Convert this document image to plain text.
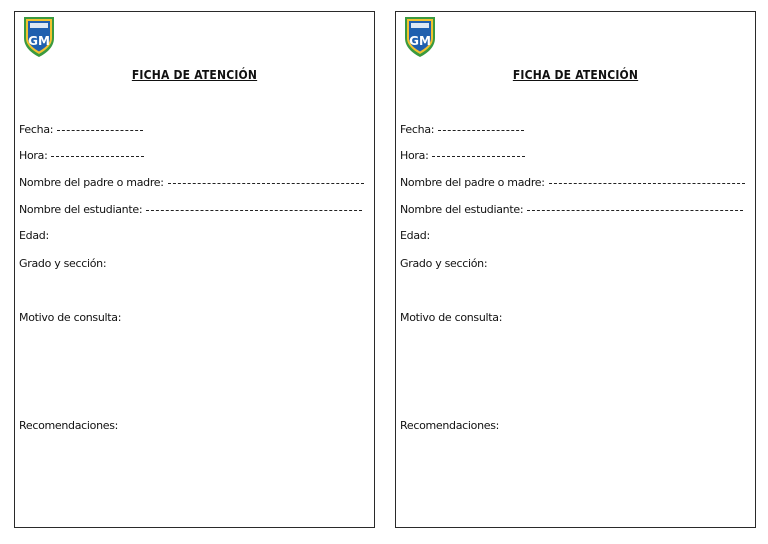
GM
FICHA DE ATENCIÓN
Fecha:
Hora:
Nombre del padre o madre:
Nombre del estudiante:
Edad:
Grado y sección:
Motivo de consulta:
Recomendaciones:
GM
FICHA DE ATENCIÓN
Fecha:
Hora:
Nombre del padre o madre:
Nombre del estudiante:
Edad:
Grado y sección:
Motivo de consulta:
Recomendaciones:
